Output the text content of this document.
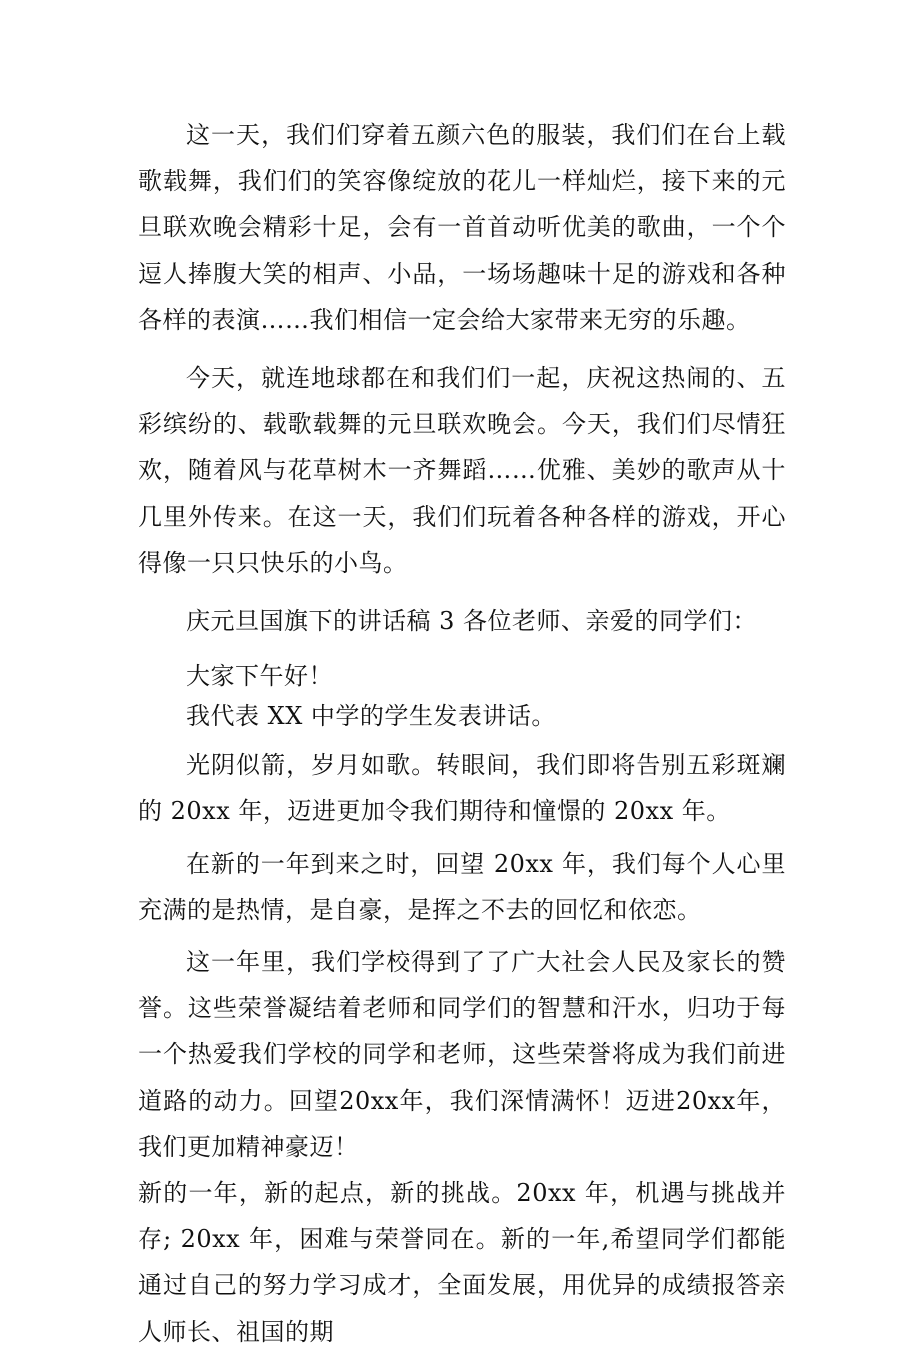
这一天，我们们穿着五颜六色的服装，我们们在台上载歌载舞，我们们的笑容像绽放的花儿一样灿烂，接下来的元旦联欢晚会精彩十足，会有一首首动听优美的歌曲，一个个逗人捧腹大笑的相声、小品，一场场趣味十足的游戏和各种各样的表演……我们相信一定会给大家带来无穷的乐趣。

今天，就连地球都在和我们们一起，庆祝这热闹的、五彩缤纷的、载歌载舞的元旦联欢晚会。今天，我们们尽情狂欢，随着风与花草树木一齐舞蹈……优雅、美妙的歌声从十几里外传来。在这一天，我们们玩着各种各样的游戏，开心得像一只只快乐的小鸟。

庆元旦国旗下的讲话稿 3 各位老师、亲爱的同学们：

大家下午好！

我代表 XX 中学的学生发表讲话。

光阴似箭，岁月如歌。转眼间，我们即将告别五彩斑斓的 20xx 年，迈进更加令我们期待和憧憬的 20xx 年。

在新的一年到来之时，回望 20xx 年，我们每个人心里充满的是热情，是自豪，是挥之不去的回忆和依恋。

这一年里，我们学校得到了了广大社会人民及家长的赞誉。这些荣誉凝结着老师和同学们的智慧和汗水，归功于每一个热爱我们学校的同学和老师，这些荣誉将成为我们前进道路的动力。回望20xx年，我们深情满怀！迈进20xx年，我们更加精神豪迈！

新的一年，新的起点，新的挑战。20xx 年，机遇与挑战并存; 20xx 年，困难与荣誉同在。新的一年,希望同学们都能通过自己的努力学习成才，全面发展，用优异的成绩报答亲人师长、祖国的期
